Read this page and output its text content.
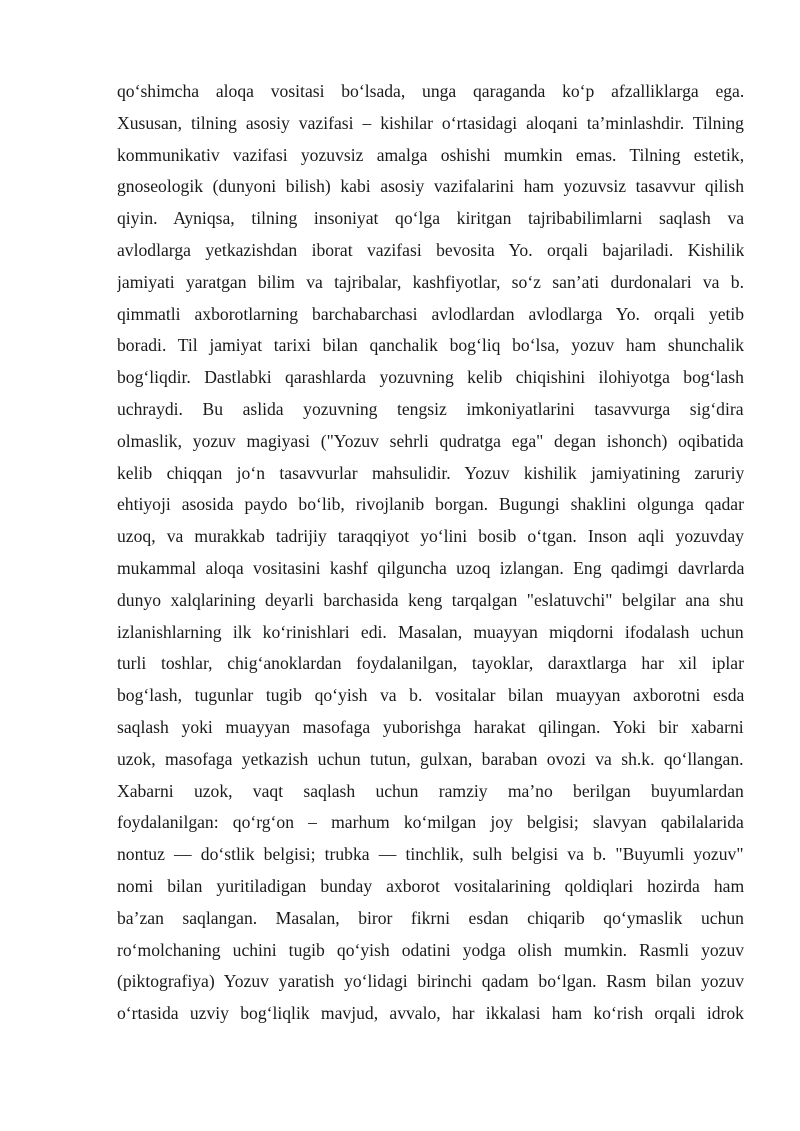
qo‘shimcha aloqa vositasi bo‘lsada, unga qaraganda ko‘p afzalliklarga ega.
Xususan, tilning asosiy vazifasi – kishilar o‘rtasidagi aloqani ta’minlashdir. Tilning
kommunikativ vazifasi yozuvsiz amalga oshishi mumkin emas. Tilning estetik,
gnoseologik (dunyoni bilish) kabi asosiy vazifalarini ham yozuvsiz tasavvur qilish
qiyin. Ayniqsa, tilning insoniyat qo‘lga kiritgan tajribabilimlarni saqlash va
avlodlarga yetkazishdan iborat vazifasi bevosita Yo. orqali bajariladi. Kishilik
jamiyati yaratgan bilim va tajribalar, kashfiyotlar, so‘z san’ati durdonalari va b.
qimmatli axborotlarning barchabarchasi avlodlardan avlodlarga Yo. orqali yetib
boradi. Til jamiyat tarixi bilan qanchalik bog‘liq bo‘lsa, yozuv ham shunchalik
bog‘liqdir. Dastlabki qarashlarda yozuvning kelib chiqishini ilohiyotga bog‘lash
uchraydi. Bu aslida yozuvning tengsiz imkoniyatlarini tasavvurga sig‘dira
olmaslik, yozuv magiyasi ("Yozuv sehrli qudratga ega" degan ishonch) oqibatida
kelib chiqqan jo‘n tasavvurlar mahsulidir. Yozuv kishilik jamiyatining zaruriy
ehtiyoji asosida paydo bo‘lib, rivojlanib borgan. Bugungi shaklini olgunga qadar
uzoq, va murakkab tadrijiy taraqqiyot yo‘lini bosib o‘tgan. Inson aqli yozuvday
mukammal aloqa vositasini kashf qilguncha uzoq izlangan. Eng qadimgi davrlarda
dunyo xalqlarining deyarli barchasida keng tarqalgan "eslatuvchi" belgilar ana shu
izlanishlarning ilk ko‘rinishlari edi. Masalan, muayyan miqdorni ifodalash uchun
turli toshlar, chig‘anoklardan foydalanilgan, tayoklar, daraxtlarga har xil iplar
bog‘lash, tugunlar tugib qo‘yish va b. vositalar bilan muayyan axborotni esda
saqlash yoki muayyan masofaga yuborishga harakat qilingan. Yoki bir xabarni
uzok, masofaga yetkazish uchun tutun, gulxan, baraban ovozi va sh.k. qo‘llangan.
Xabarni uzok, vaqt saqlash uchun ramziy ma’no berilgan buyumlardan
foydalanilgan: qo‘rg‘on – marhum ko‘milgan joy belgisi; slavyan qabilalarida
nontuz — do‘stlik belgisi; trubka — tinchlik, sulh belgisi va b. "Buyumli yozuv"
nomi bilan yuritiladigan bunday axborot vositalarining qoldiqlari hozirda ham
ba’zan saqlangan. Masalan, biror fikrni esdan chiqarib qo‘ymaslik uchun
ro‘molchaning uchini tugib qo‘yish odatini yodga olish mumkin. Rasmli yozuv
(piktografiya) Yozuv yaratish yo‘lidagi birinchi qadam bo‘lgan. Rasm bilan yozuv
o‘rtasida uzviy bog‘liqlik mavjud, avvalo, har ikkalasi ham ko‘rish orqali idrok
